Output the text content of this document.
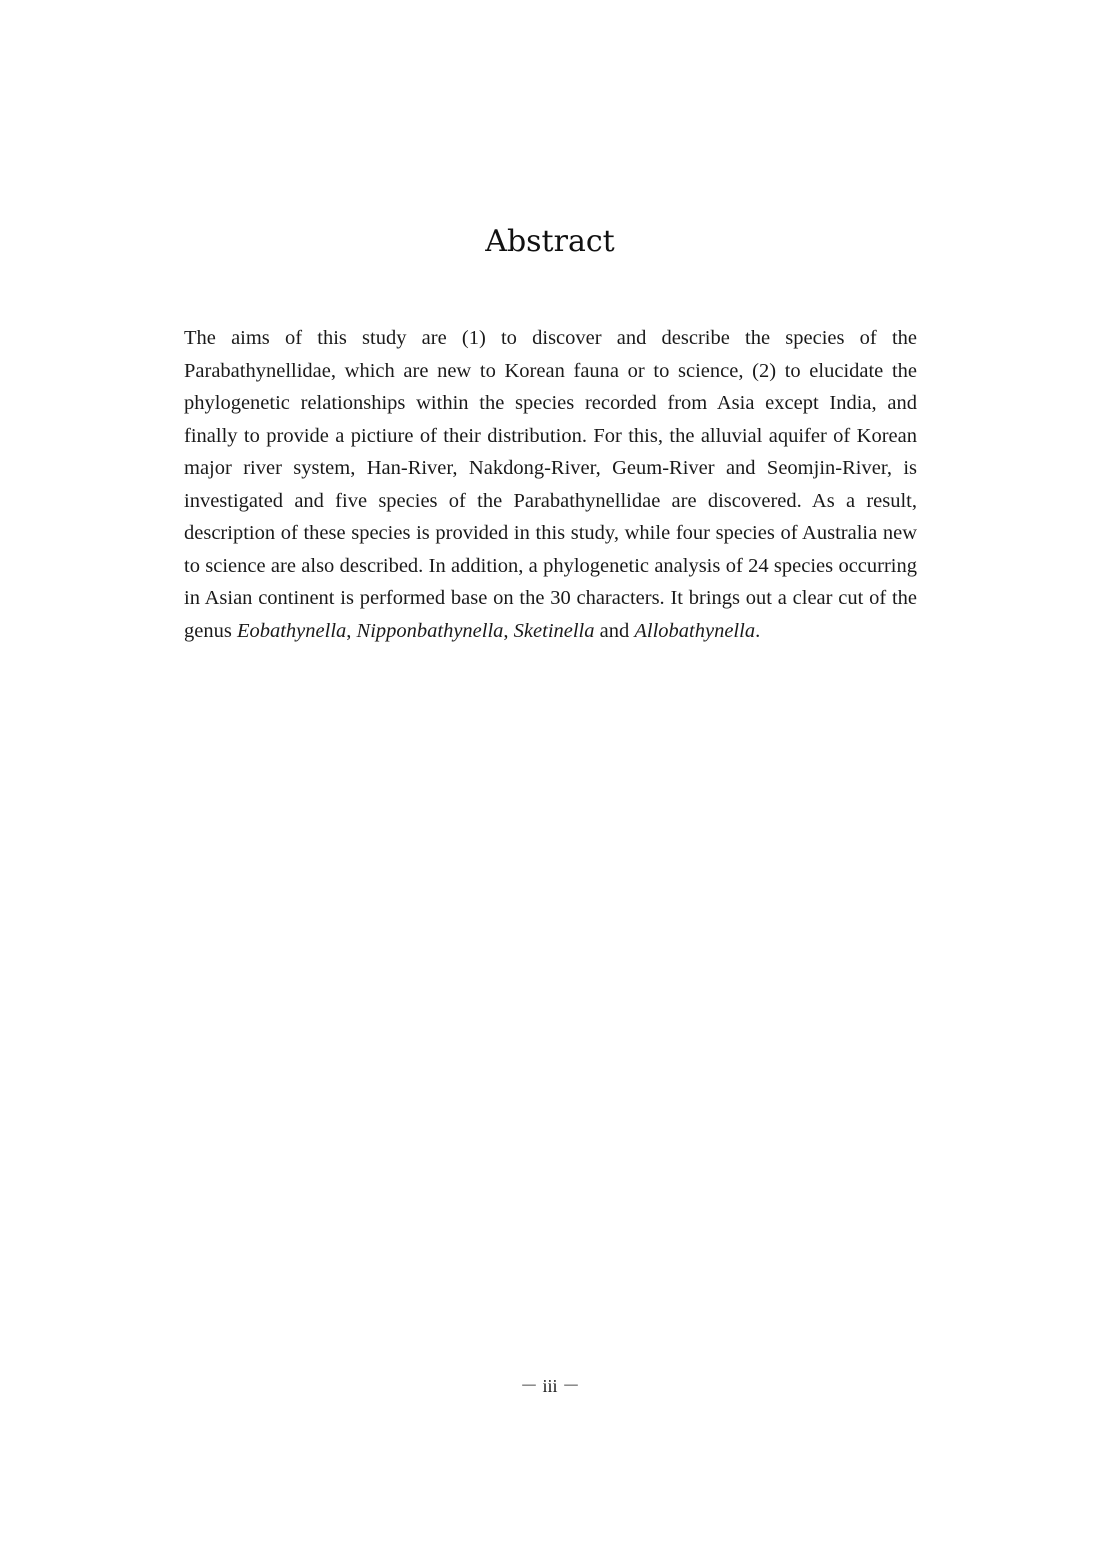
Abstract

The aims of this study are (1) to discover and describe the species of the Parabathynellidae, which are new to Korean fauna or to science, (2) to elucidate the phylogenetic relationships within the species recorded from Asia except India, and finally to provide a pictiure of their distribution. For this, the alluvial aquifer of Korean major river system, Han-River, Nakdong-River, Geum-River and Seomjin-River, is investigated and five species of the Parabathynellidae are discovered. As a result, description of these species is provided in this study, while four species of Australia new to science are also described. In addition, a phylogenetic analysis of 24 species occurring in Asian continent is performed base on the 30 characters. It brings out a clear cut of the genus Eobathynella, Nipponbathynella, Sketinella and Allobathynella.

－ iii －
